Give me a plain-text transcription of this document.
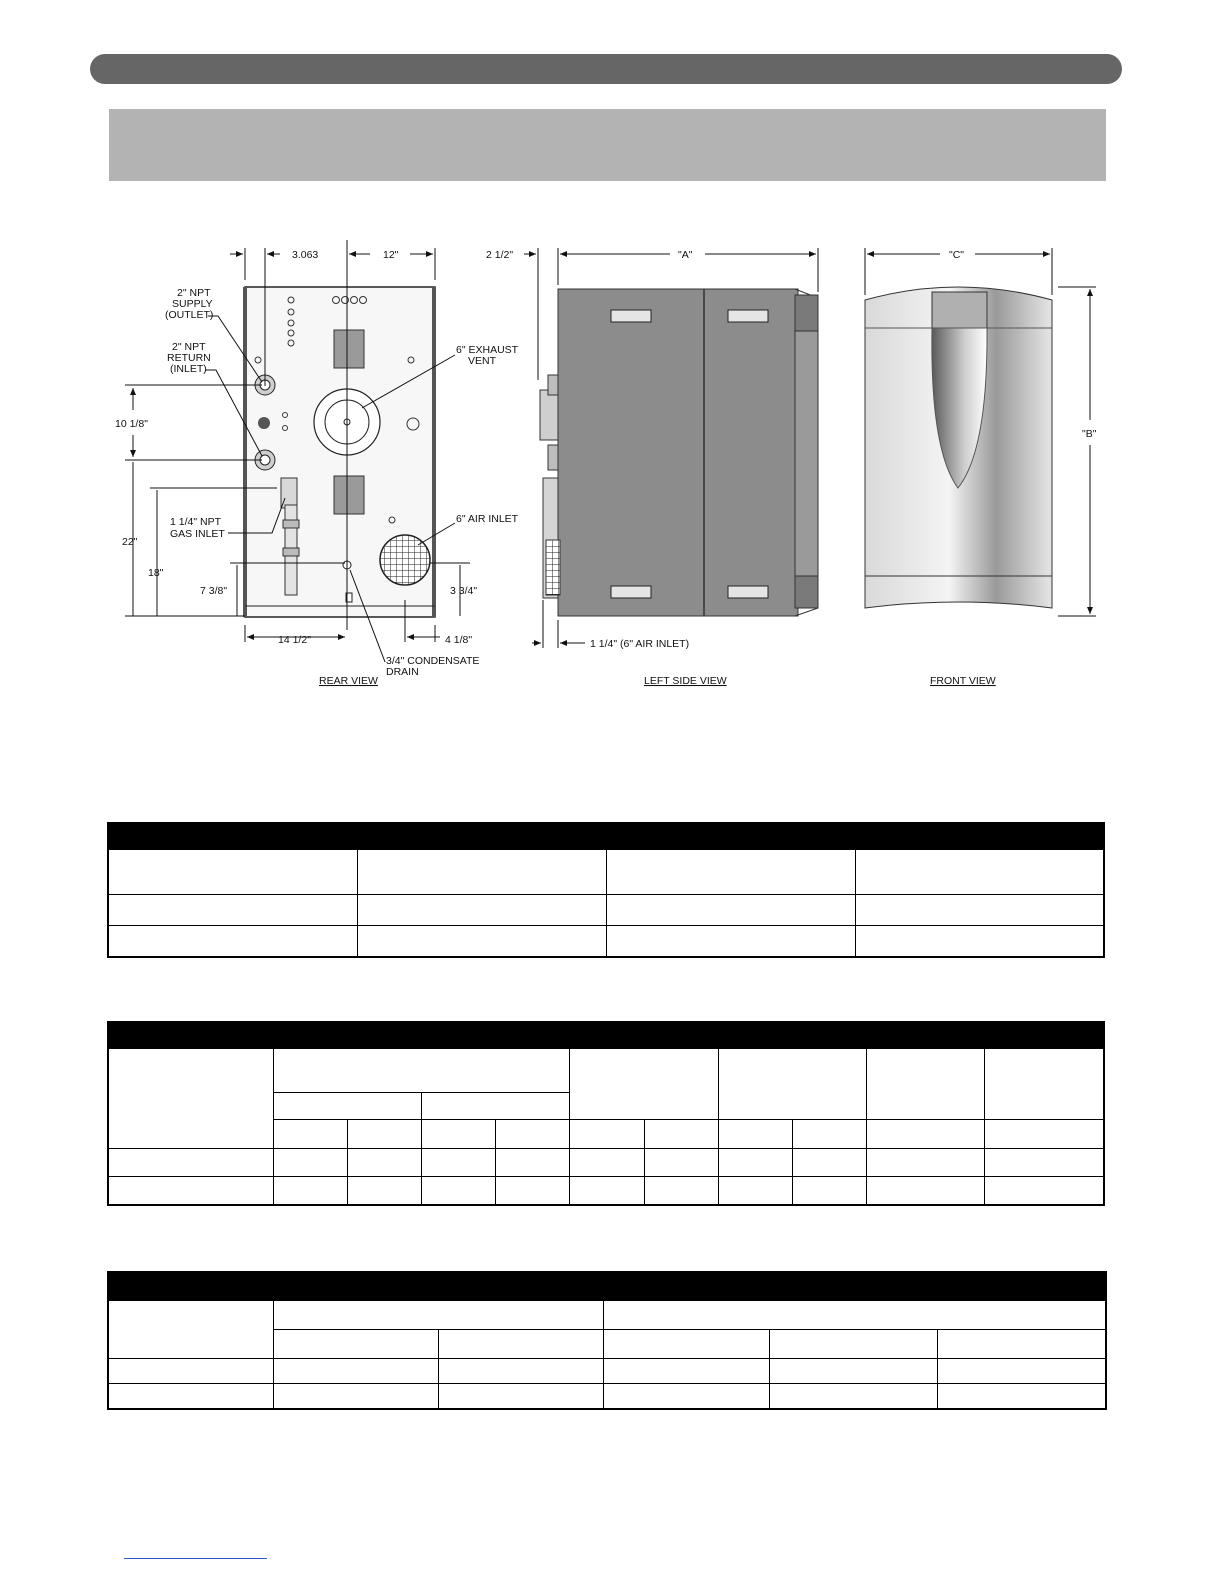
3.063	12"
10 1/8"
22"
18"
7 3/8"	3 3/4"
14 1/2"	4 1/8"
2" NPT
SUPPLY
(OUTLET)
2" NPT
RETURN
(INLET)
6" EXHAUST
VENT
1 1/4" NPT
GAS INLET
6" AIR INLET
3/4" CONDENSATE
DRAIN
REAR VIEW
2 1/2"	"A"
1 1/4" (6" AIR INLET)
LEFT SIDE VIEW
"C"
"B"
FRONT VIEW
